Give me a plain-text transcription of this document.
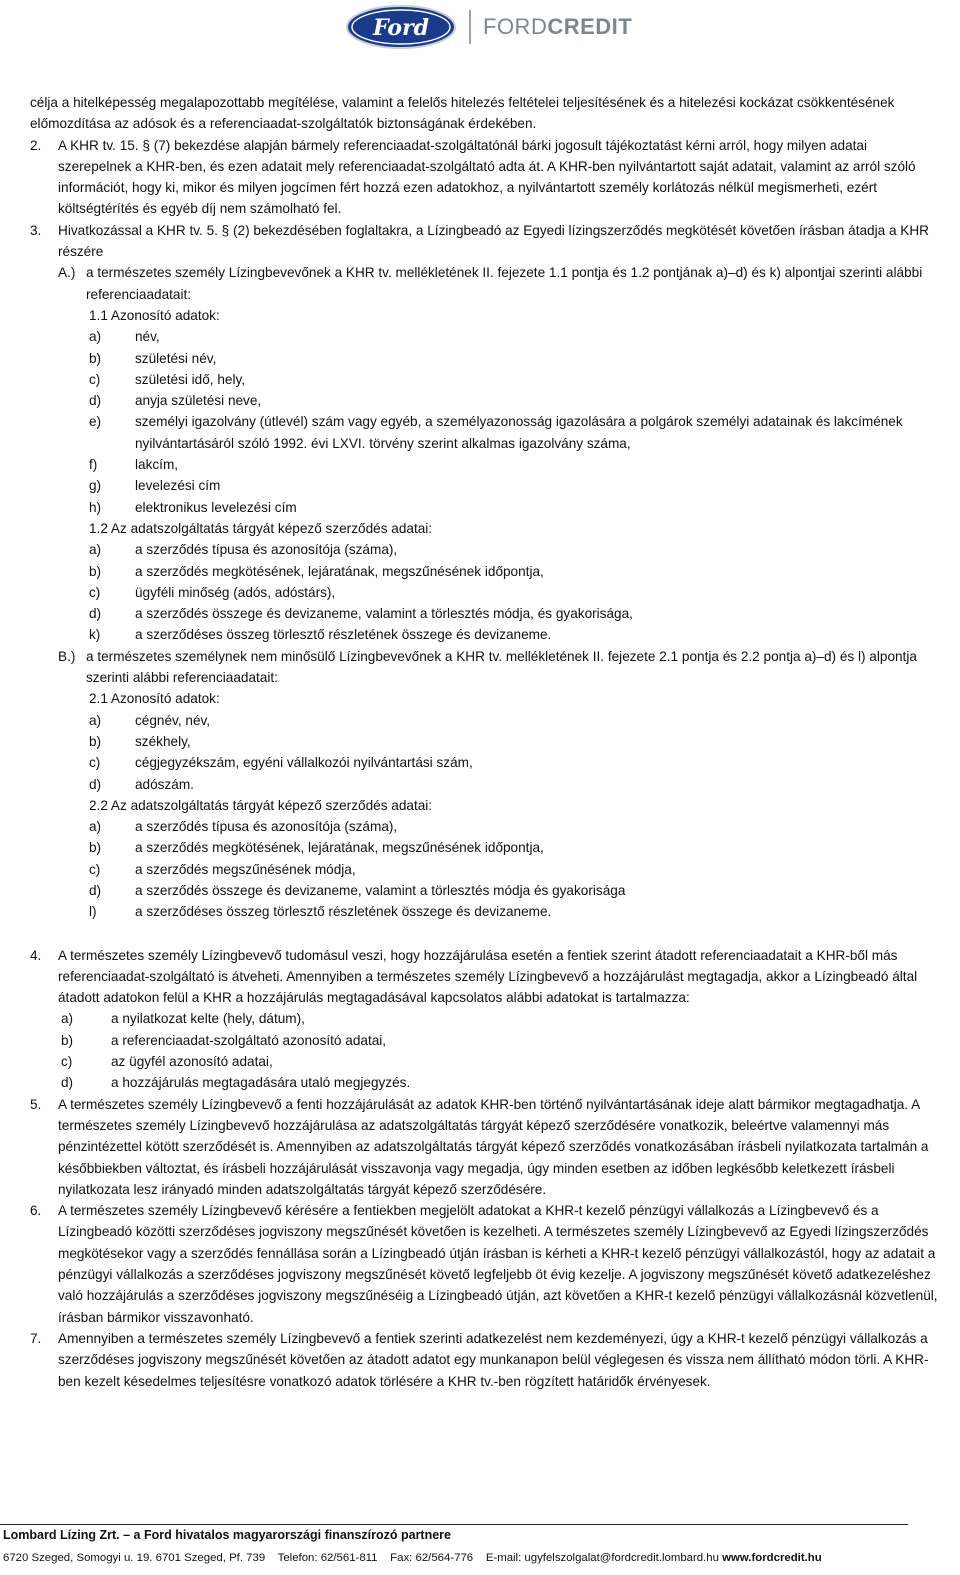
Ford FORDCREDIT

célja a hitelképesség megalapozottabb megítélése, valamint a felelős hitelezés feltételei teljesítésének és a hitelezési kockázat csökkentésének előmozdítása az adósok és a referenciaadat-szolgáltatók biztonságának érdekében.

2.	A KHR tv. 15. § (7) bekezdése alapján bármely referenciaadat-szolgáltatónál bárki jogosult tájékoztatást kérni arról, hogy milyen adatai szerepelnek a KHR-ben, és ezen adatait mely referenciaadat-szolgáltató adta át. A KHR-ben nyilvántartott saját adatait, valamint az arról szóló információt, hogy ki, mikor és milyen jogcímen fért hozzá ezen adatokhoz, a nyilvántartott személy korlátozás nélkül megismerheti, ezért költségtérítés és egyéb díj nem számolható fel.
3.	Hivatkozással a KHR tv. 5. § (2) bekezdésében foglaltakra, a Lízingbeadó az Egyedi lízingszerződés megkötését követően írásban átadja a KHR részére
A.) a természetes személy Lízingbevevőnek a KHR tv. mellékletének II. fejezete 1.1 pontja és 1.2 pontjának a)–d) és k) alpontjai szerinti alábbi referenciaadatait:
1.1 Azonosító adatok:
a)	név,
b)	születési név,
c)	születési idő, hely,
d)	anyja születési neve,
e)	személyi igazolvány (útlevél) szám vagy egyéb, a személyazonosság igazolására a polgárok személyi adatainak és lakcímének nyilvántartásáról szóló 1992. évi LXVI. törvény szerint alkalmas igazolvány száma,
f)	lakcím,
g)	levelezési cím
h)	elektronikus levelezési cím
1.2 Az adatszolgáltatás tárgyát képező szerződés adatai:
a)	a szerződés típusa és azonosítója (száma),
b)	a szerződés megkötésének, lejáratának, megszűnésének időpontja,
c)	ügyféli minőség (adós, adóstárs),
d)	a szerződés összege és devizaneme, valamint a törlesztés módja, és gyakorisága,
k)	a szerződéses összeg törlesztő részletének összege és devizaneme.
B.) a természetes személynek nem minősülő Lízingbevevőnek a KHR tv. mellékletének II. fejezete 2.1 pontja és 2.2 pontja a)–d) és l) alpontja szerinti alábbi referenciaadatait:
2.1 Azonosító adatok:
a)	cégnév, név,
b)	székhely,
c)	cégjegyzékszám, egyéni vállalkozói nyilvántartási szám,
d)	adószám.
2.2 Az adatszolgáltatás tárgyát képező szerződés adatai:
a)	a szerződés típusa és azonosítója (száma),
b)	a szerződés megkötésének, lejáratának, megszűnésének időpontja,
c)	a szerződés megszűnésének módja,
d)	a szerződés összege és devizaneme, valamint a törlesztés módja és gyakorisága
l)	a szerződéses összeg törlesztő részletének összege és devizaneme.
4.	A természetes személy Lízingbevevő tudomásul veszi, hogy hozzájárulása esetén a fentiek szerint átadott referenciaadatait a KHR-ből más referenciaadat-szolgáltató is átveheti. Amennyiben a természetes személy Lízingbevevő a hozzájárulást megtagadja, akkor a Lízingbeadó által átadott adatokon felül a KHR a hozzájárulás megtagadásával kapcsolatos alábbi adatokat is tartalmazza:
a)	a nyilatkozat kelte (hely, dátum),
b)	a referenciaadat-szolgáltató azonosító adatai,
c)	az ügyfél azonosító adatai,
d)	a hozzájárulás megtagadására utaló megjegyzés.
5.	A természetes személy Lízingbevevő a fenti hozzájárulását az adatok KHR-ben történő nyilvántartásának ideje alatt bármikor megtagadhatja. A természetes személy Lízingbevevő hozzájárulása az adatszolgáltatás tárgyát képező szerződésére vonatkozik, beleértve valamennyi más pénzintézettel kötött szerződését is. Amennyiben az adatszolgáltatás tárgyát képező szerződés vonatkozásában írásbeli nyilatkozata tartalmán a későbbiekben változtat, és írásbeli hozzájárulását visszavonja vagy megadja, úgy minden esetben az időben legkésőbb keletkezett írásbeli nyilatkozata lesz irányadó minden adatszolgáltatás tárgyát képező szerződésére.
6.	A természetes személy Lízingbevevő kérésére a fentiekben megjelölt adatokat a KHR-t kezelő pénzügyi vállalkozás a Lízingbevevő és a Lízingbeadó közötti szerződéses jogviszony megszűnését követően is kezelheti. A természetes személy Lízingbevevő az Egyedi lízingszerződés megkötésekor vagy a szerződés fennállása során a Lízingbeadó útján írásban is kérheti a KHR-t kezelő pénzügyi vállalkozástól, hogy az adatait a pénzügyi vállalkozás a szerződéses jogviszony megszűnését követő legfeljebb öt évig kezelje. A jogviszony megszűnését követő adatkezeléshez való hozzájárulás a szerződéses jogviszony megszűnéséig a Lízingbeadó útján, azt követően a KHR-t kezelő pénzügyi vállalkozásnál közvetlenül, írásban bármikor visszavonható.
7.	Amennyiben a természetes személy Lízingbevevő a fentiek szerinti adatkezelést nem kezdeményezi, úgy a KHR-t kezelő pénzügyi vállalkozás a szerződéses jogviszony megszűnését követően az átadott adatot egy munkanapon belül véglegesen és vissza nem állítható módon törli. A KHR-ben kezelt késedelmes teljesítésre vonatkozó adatok törlésére a KHR tv.-ben rögzített határidők érvényesek.
Lombard Lízing Zrt. – a Ford hivatalos magyarországi finanszírozó partnere
6720 Szeged, Somogyi u. 19. 6701 Szeged, Pf. 739 Telefon: 62/561-811 Fax: 62/564-776 E-mail: ugyfelszolgalat@fordcredit.lombard.hu www.fordcredit.hu
